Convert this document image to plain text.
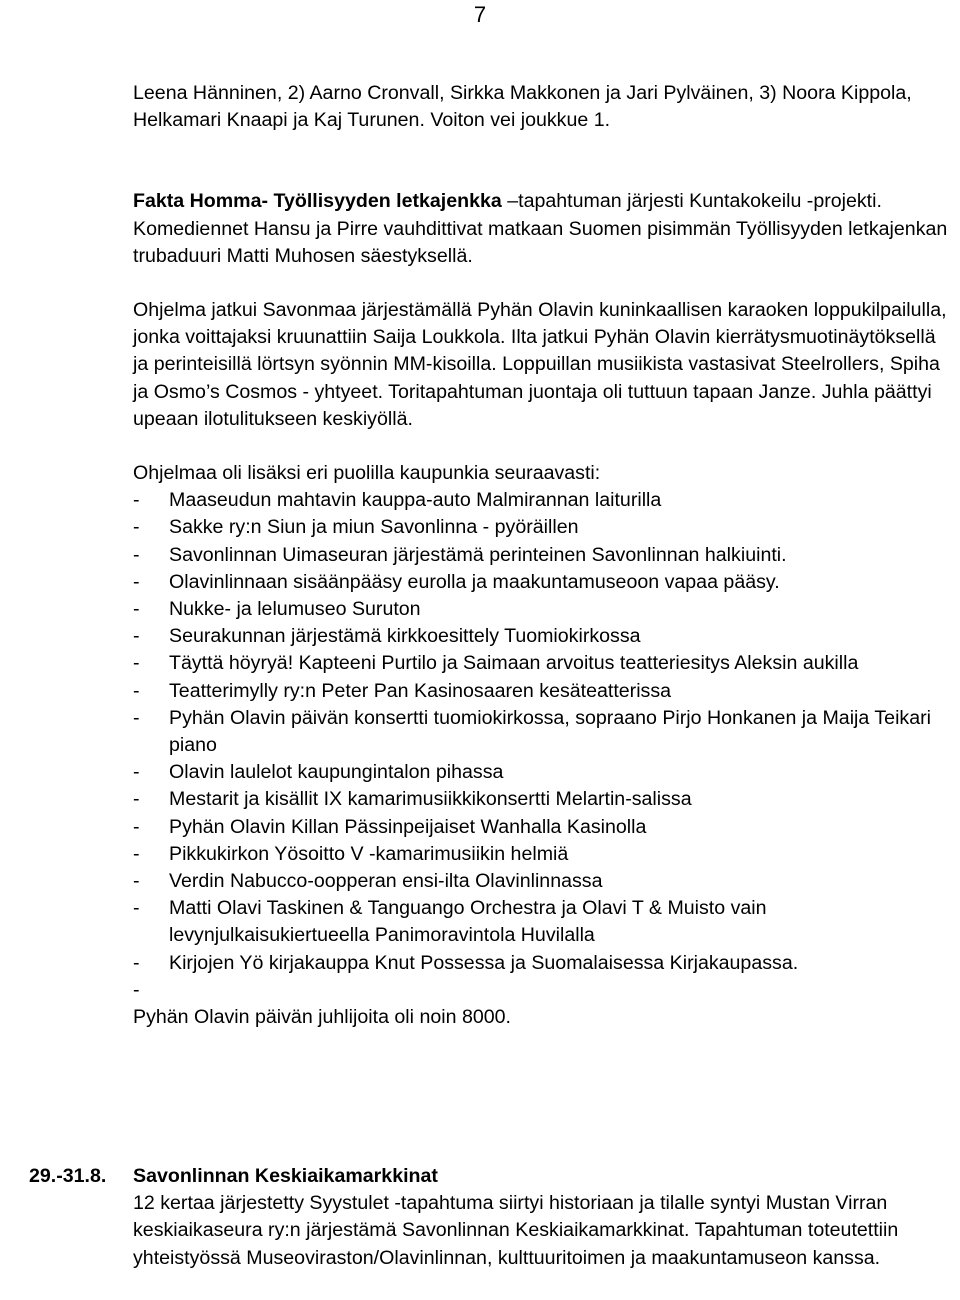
7

Leena Hänninen, 2) Aarno Cronvall, Sirkka Makkonen ja Jari Pylväinen, 3) Noora Kippola, Helkamari Knaapi ja Kaj Turunen. Voiton vei joukkue 1.

Fakta Homma- Työllisyyden letkajenkka –tapahtuman järjesti Kuntakokeilu -projekti. Komediennet Hansu ja Pirre vauhdittivat matkaan Suomen pisimmän Työllisyyden letkajenkan trubaduuri Matti Muhosen säestyksellä.

Ohjelma jatkui Savonmaa järjestämällä Pyhän Olavin kuninkaallisen karaoken loppukilpailulla, jonka voittajaksi kruunattiin Saija Loukkola. Ilta jatkui Pyhän Olavin kierrätysmuotinäytöksellä ja perinteisillä lörtsyn syönnin MM-kisoilla. Loppuillan musiikista vastasivat Steelrollers, Spiha ja Osmo’s Cosmos - yhtyeet. Toritapahtuman juontaja oli tuttuun tapaan Janze. Juhla päättyi upeaan ilotulitukseen keskiyöllä.

Ohjelmaa oli lisäksi eri puolilla kaupunkia seuraavasti:

- Maaseudun mahtavin kauppa-auto Malmirannan laiturilla
- Sakke ry:n Siun ja miun Savonlinna - pyöräillen
- Savonlinnan Uimaseuran järjestämä perinteinen Savonlinnan halkiuinti.
- Olavinlinnaan sisäänpääsy eurolla ja maakuntamuseoon vapaa pääsy.
- Nukke- ja lelumuseo Suruton
- Seurakunnan järjestämä kirkkoesittely Tuomiokirkossa
- Täyttä höyryä! Kapteeni Purtilo ja Saimaan arvoitus teatteriesitys Aleksin aukilla
- Teatterimylly ry:n Peter Pan Kasinosaaren kesäteatterissa
- Pyhän Olavin päivän konsertti tuomiokirkossa, sopraano Pirjo Honkanen ja Maija Teikari piano
- Olavin laulelot kaupungintalon pihassa
- Mestarit ja kisällit IX kamarimusiikkikonsertti Melartin-salissa
- Pyhän Olavin Killan Pässinpeijaiset Wanhalla Kasinolla
- Pikkukirkon Yösoitto V -kamarimusiikin helmiä
- Verdin Nabucco-oopperan ensi-ilta Olavinlinnassa
- Matti Olavi Taskinen & Tanguango Orchestra ja Olavi T & Muisto vain levynjulkaisukiertueella Panimoravintola Huvilalla
- Kirjojen Yö kirjakauppa Knut Possessa ja Suomalaisessa Kirjakaupassa.
-

Pyhän Olavin päivän juhlijoita oli noin 8000.

29.-31.8. Savonlinnan Keskiaikamarkkinat

12 kertaa järjestetty Syystulet -tapahtuma siirtyi historiaan ja tilalle syntyi Mustan Virran keskiaikaseura ry:n järjestämä Savonlinnan Keskiaikamarkkinat. Tapahtuman toteutettiin yhteistyössä Museoviraston/Olavinlinnan, kulttuuritoimen ja maakuntamuseon kanssa.
